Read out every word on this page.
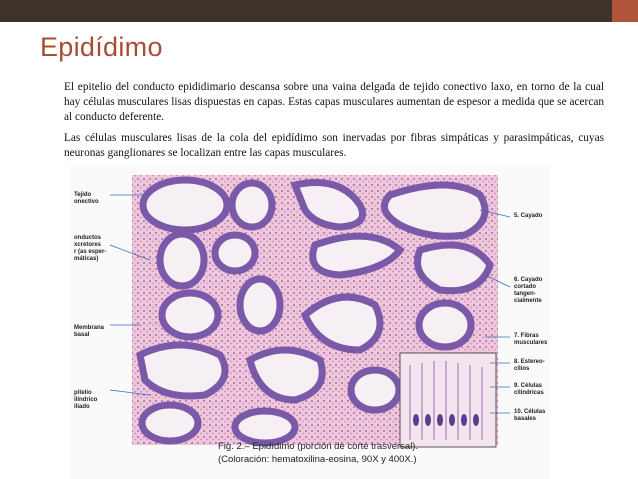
Epidídimo

El epitelio del conducto epididimario descansa sobre una vaina delgada de tejido conectivo laxo, en torno de la cual hay células musculares lisas dispuestas en capas. Estas capas musculares aumentan de espesor a medida que se acercan al conducto deferente.

Las células musculares lisas de la cola del epidídimo son inervadas por fibras simpáticas y parasimpáticas, cuyas neuronas ganglionares se localizan entre las capas musculares.

Tejido
onectivo
onductos
xcretores
r (as esper-
máticas)
Membrana
basal
pitelio
ilíndrico
iliado
5. Cayado
6. Cayado
cortado
tangen-
cialmente
7. Fibras
musculares
8. Estereo-
cilios
9. Células
cilíndricas
10. Células
basales
Fig. 2.– Epidídimo (porción de corte trasversal).
(Coloración: hematoxilina-eosina, 90X y 400X.)
